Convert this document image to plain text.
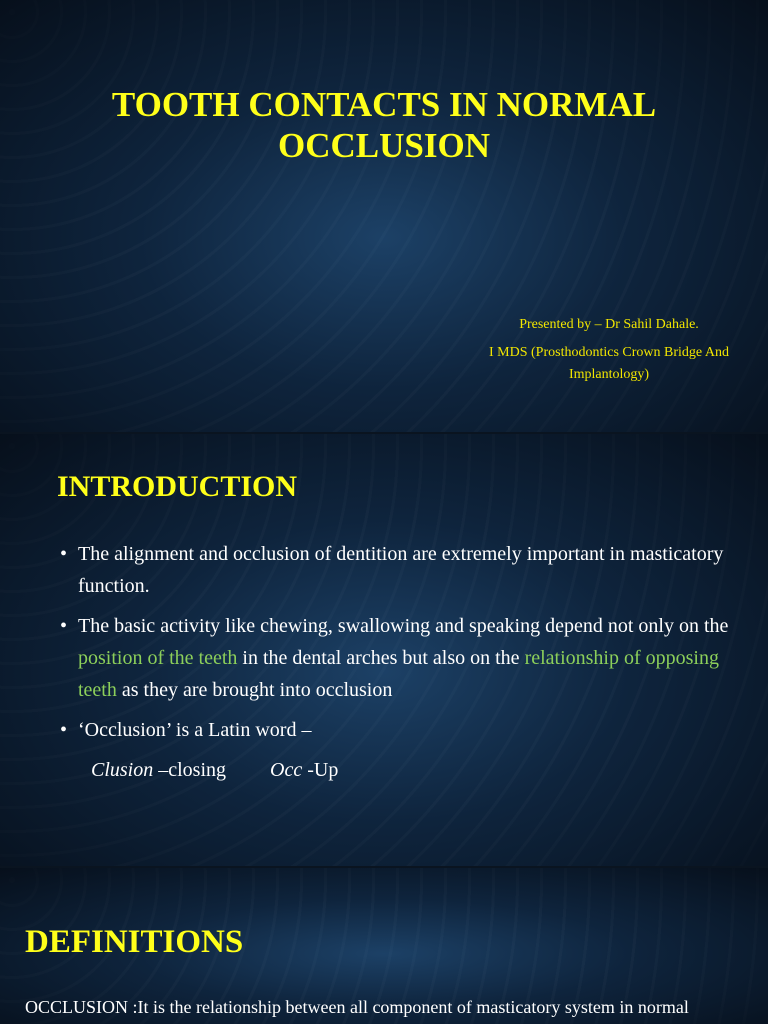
TOOTH CONTACTS IN NORMAL OCCLUSION

Presented by – Dr Sahil Dahale.

I MDS (Prosthodontics Crown Bridge And Implantology)

INTRODUCTION
• The alignment and occlusion of dentition are extremely important in masticatory function.
• The basic activity like chewing, swallowing and speaking depend not only on the position of the teeth in the dental arches but also on the relationship of opposing teeth as they are brought into occlusion
• ‘Occlusion’ is a Latin word –
Clusion –closing Occ -Up
DEFINITIONS

OCCLUSION :It is the relationship between all component of masticatory system in normal
